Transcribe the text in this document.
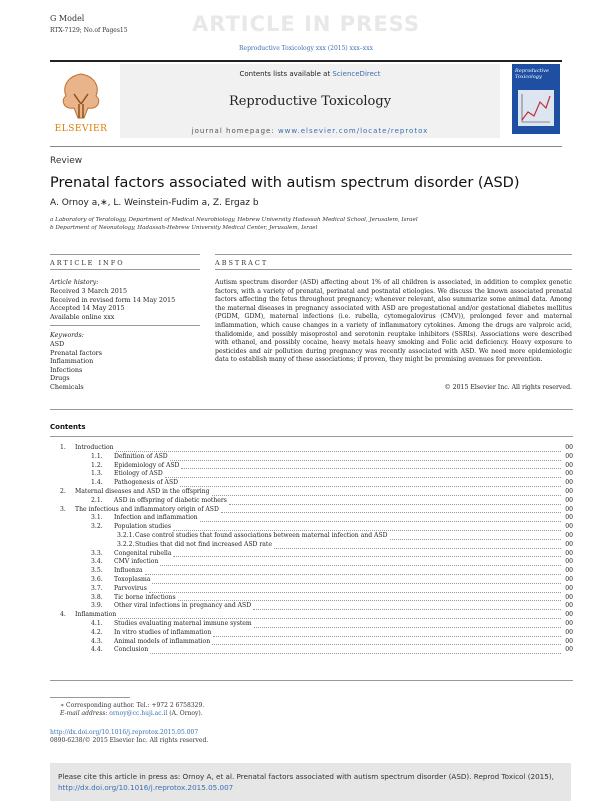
G Model
RTX-7129; No.of Pages15	ARTICLE IN PRESS
Reproductive Toxicology xxx (2015) xxx–xxx
ELSEVIER
Contents lists available at ScienceDirect
Reproductive Toxicology
journal homepage: www.elsevier.com/locate/reprotox
Reproductive Toxicology
Review
Prenatal factors associated with autism spectrum disorder (ASD)
A. Ornoy a,∗, L. Weinstein-Fudim a, Z. Ergaz b
a Laboratory of Teratology, Department of Medical Neurobiology, Hebrew University Hadassah Medical School, Jerusalem, Israel
b Department of Neonatology, Hadassah-Hebrew University Medical Center, Jerusalem, Israel
ARTICLE INFO	ABSTRACT
Article history:
Received 3 March 2015
Received in revised form 14 May 2015
Accepted 14 May 2015
Available online xxx
Keywords:
ASD
Prenatal factors
Inflammation
Infections
Drugs
Chemicals
Autism spectrum disorder (ASD) affecting about 1% of all children is associated, in addition to complex genetic factors, with a variety of prenatal, perinatal and postnatal etiologies. We discuss the known associated prenatal factors affecting the fetus throughout pregnancy; whenever relevant, also summarize some animal data. Among the maternal diseases in pregnancy associated with ASD are pregestational and/or gestational diabetes mellitus (PGDM, GDM), maternal infections (i.e. rubella, cytomegalovirus (CMV)), prolonged fever and maternal inflammation, which cause changes in a variety of inflammatory cytokines. Among the drugs are valproic acid, thalidomide, and possibly misoprostol and serotonin reuptake inhibitors (SSRIs). Associations were described with ethanol, and possibly cocaine, heavy metals heavy smoking and Folic acid deficiency. Heavy exposure to pesticides and air pollution during pregnancy was recently associated with ASD. We need more epidemiologic data to establish many of these associations; if proven, they might be promising avenues for prevention.
© 2015 Elsevier Inc. All rights reserved.
Contents
1. Introduction	00
1.1. Definition of ASD	00
1.2. Epidemiology of ASD	00
1.3. Etiology of ASD	00
1.4. Pathogenesis of ASD	00
2. Maternal diseases and ASD in the offspring	00
2.1. ASD in offspring of diabetic mothers	00
3. The infectious and inflammatory origin of ASD	00
3.1. Infection and inflammation	00
3.2. Population studies	00
3.2.1. Case control studies that found associations between maternal infection and ASD	00
3.2.2. Studies that did not find increased ASD rate	00
3.3. Congenital rubella	00
3.4. CMV infection	00
3.5. Influenza	00
3.6. Toxoplasma	00
3.7. Parvovirus	00
3.8. Tic borne infections	00
3.9. Other viral infections in pregnancy and ASD	00
4. Inflammation	00
4.1. Studies evaluating maternal immune system	00
4.2. In vitro studies of inflammation	00
4.3. Animal models of inflammation	00
4.4. Conclusion	00
∗ Corresponding author. Tel.: +972 2 6758329.
E-mail address: ornoy@cc.huji.ac.il (A. Ornoy).
http://dx.doi.org/10.1016/j.reprotox.2015.05.007
0890-6238/© 2015 Elsevier Inc. All rights reserved.
Please cite this article in press as: Ornoy A, et al. Prenatal factors associated with autism spectrum disorder (ASD). Reprod Toxicol (2015),
http://dx.doi.org/10.1016/j.reprotox.2015.05.007
